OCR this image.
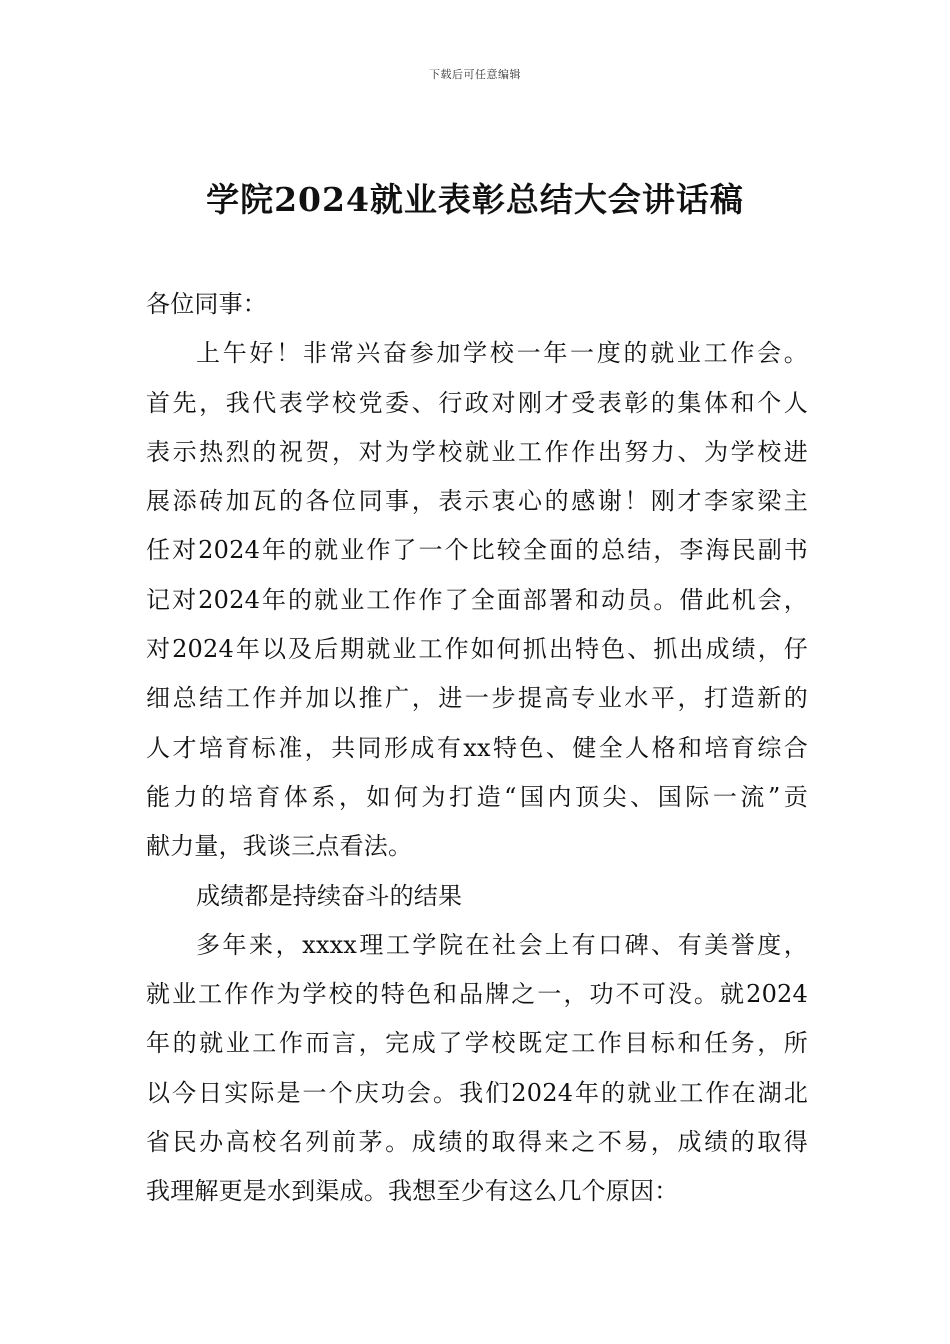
下载后可任意编辑
学院2024就业表彰总结大会讲话稿
各位同事：
上午好！非常兴奋参加学校一年一度的就业工作会。
首先，我代表学校党委、行政对刚才受表彰的集体和个人
表示热烈的祝贺，对为学校就业工作作出努力、为学校进
展添砖加瓦的各位同事，表示衷心的感谢！刚才李家梁主
任对2024年的就业作了一个比较全面的总结，李海民副书
记对2024年的就业工作作了全面部署和动员。借此机会，
对2024年以及后期就业工作如何抓出特色、抓出成绩，仔
细总结工作并加以推广，进一步提高专业水平，打造新的
人才培育标准，共同形成有xx特色、健全人格和培育综合
能力的培育体系，如何为打造“国内顶尖、国际一流”贡
献力量，我谈三点看法。
成绩都是持续奋斗的结果
多年来，xxxx理工学院在社会上有口碑、有美誉度，
就业工作作为学校的特色和品牌之一，功不可没。就2024
年的就业工作而言，完成了学校既定工作目标和任务，所
以今日实际是一个庆功会。我们2024年的就业工作在湖北
省民办高校名列前茅。成绩的取得来之不易，成绩的取得
我理解更是水到渠成。我想至少有这么几个原因：
